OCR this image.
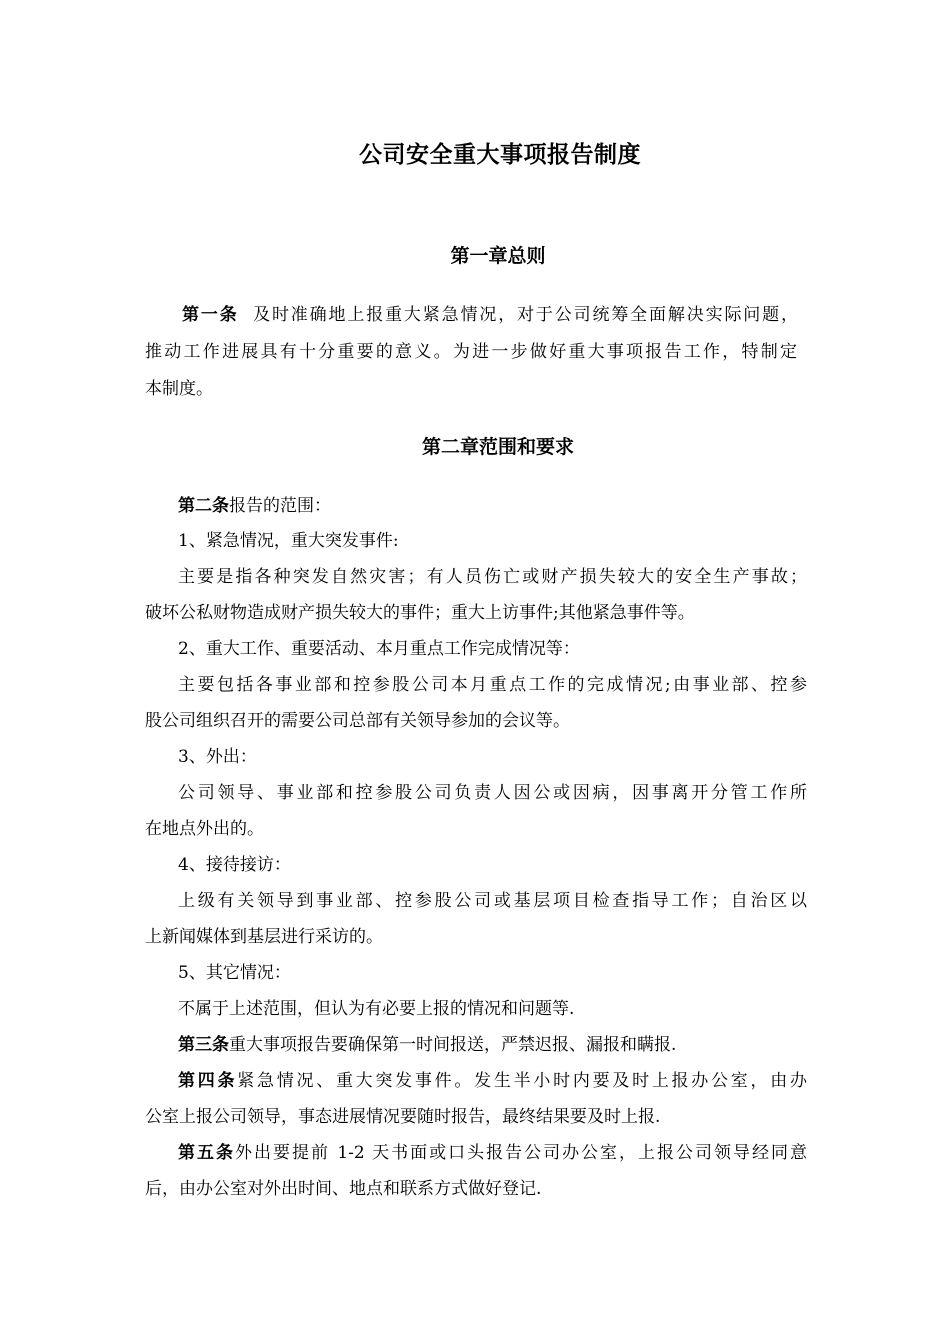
公司安全重大事项报告制度
第一章总则
第一条 及时准确地上报重大紧急情况，对于公司统筹全面解决实际问题，
推动工作进展具有十分重要的意义。为进一步做好重大事项报告工作，特制定
本制度。
第二章范围和要求
第二条报告的范围：
1、紧急情况，重大突发事件:
主要是指各种突发自然灾害；有人员伤亡或财产损失较大的安全生产事故；
破坏公私财物造成财产损失较大的事件；重大上访事件;其他紧急事件等。
2、重大工作、重要活动、本月重点工作完成情况等：
主要包括各事业部和控参股公司本月重点工作的完成情况;由事业部、控参
股公司组织召开的需要公司总部有关领导参加的会议等。
3、外出：
公司领导、事业部和控参股公司负责人因公或因病，因事离开分管工作所
在地点外出的。
4、接待接访：
上级有关领导到事业部、控参股公司或基层项目检查指导工作；自治区以
上新闻媒体到基层进行采访的。
5、其它情况：
不属于上述范围，但认为有必要上报的情况和问题等.
第三条重大事项报告要确保第一时间报送，严禁迟报、漏报和瞒报.
第四条紧急情况、重大突发事件。发生半小时内要及时上报办公室，由办
公室上报公司领导，事态进展情况要随时报告，最终结果要及时上报.
第五条外出要提前 1-2 天书面或口头报告公司办公室，上报公司领导经同意
后，由办公室对外出时间、地点和联系方式做好登记.
